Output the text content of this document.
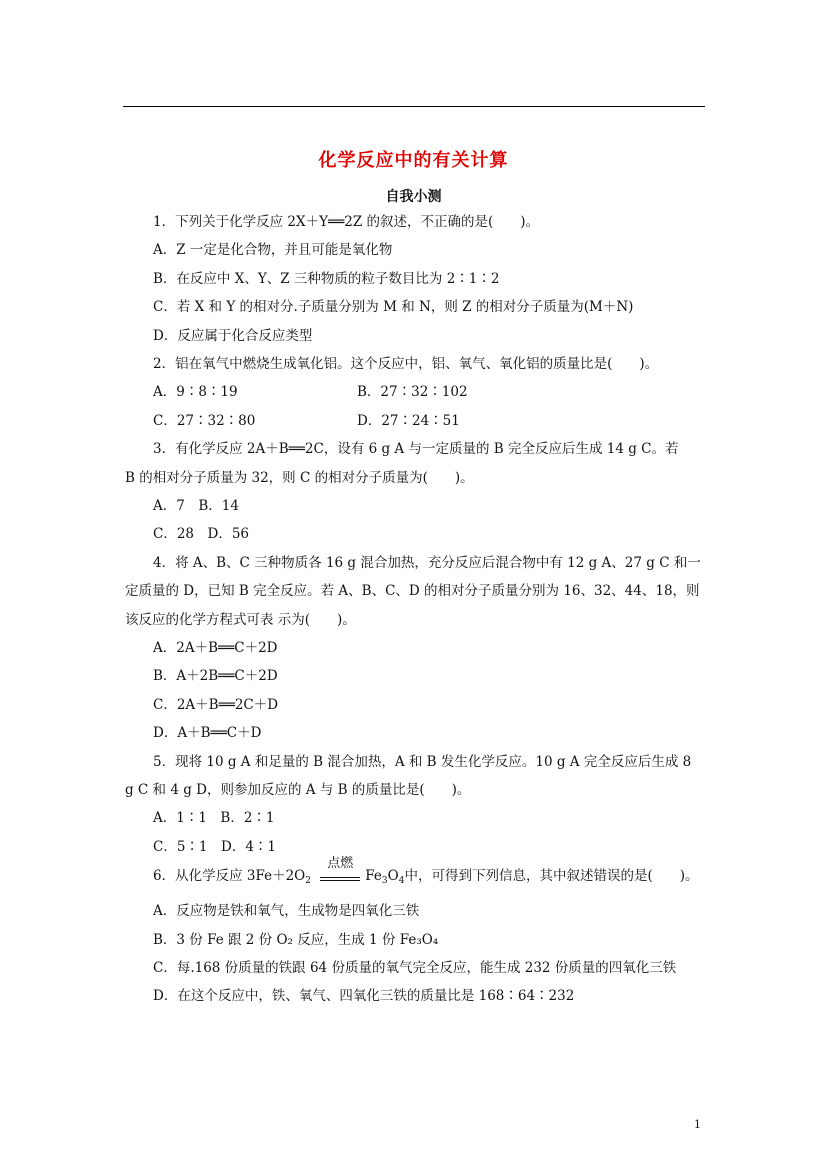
化学反应中的有关计算
自我小测
1．下列关于化学反应 2X＋Y══2Z 的叙述，不正确的是(　　)。
A．Z 一定是化合物，并且可能是氧化物
B．在反应中 X、Y、Z 三种物质的粒子数目比为 2∶1∶2
C．若 X 和 Y 的相对分.子质量分别为 M 和 N，则 Z 的相对分子质量为(M＋N)
D．反应属于化合反应类型
2．铝在氧气中燃烧生成氧化铝。这个反应中，铝、氧气、氧化铝的质量比是(　　)。
A．9∶8∶19	B．27∶32∶102
C．27∶32∶80	D．27∶24∶51
3．有化学反应 2A＋B══2C，设有 6 g A 与一定质量的 B 完全反应后生成 14 g C。若
B 的相对分子质量为 32，则 C 的相对分子质量为(　　)。
A．7　B．14
C．28　D．56
4．将 A、B、C 三种物质各 16 g 混合加热，充分反应后混合物中有 12 g A、27 g C 和一
定质量的 D，已知 B 完全反应。若 A、B、C、D 的相对分子质量分别为 16、32、44、18，则
该反应的化学方程式可表 示为(　　)。
A．2A＋B══C＋2D
B．A＋2B══C＋2D
C．2A＋B══2C＋D
D．A＋B══C＋D
5．现将 10 g A 和足量的 B 混合加热，A 和 B 发生化学反应。10 g A 完全反应后生成 8
g C 和 4 g D，则参加反应的 A 与 B 的质量比是(　　)。
A．1∶1　B．2∶1
C．5∶1　D．4∶1
6．从化学反应 $3Fe+2O_2$
点燃
$Fe_3O_4$中，可得到下列信息，其中叙述错误的是(　　)。
A．反应物是铁和氧气，生成物是四氧化三铁
B．3 份 Fe 跟 2 份 O₂ 反应，生成 1 份 Fe₃O₄
C．每.168 份质量的铁跟 64 份质量的氧气完全反应，能生成 232 份质量的四氧化三铁
D．在这个反应中，铁、氧气、四氧化三铁的质量比是 168∶64∶232
1
